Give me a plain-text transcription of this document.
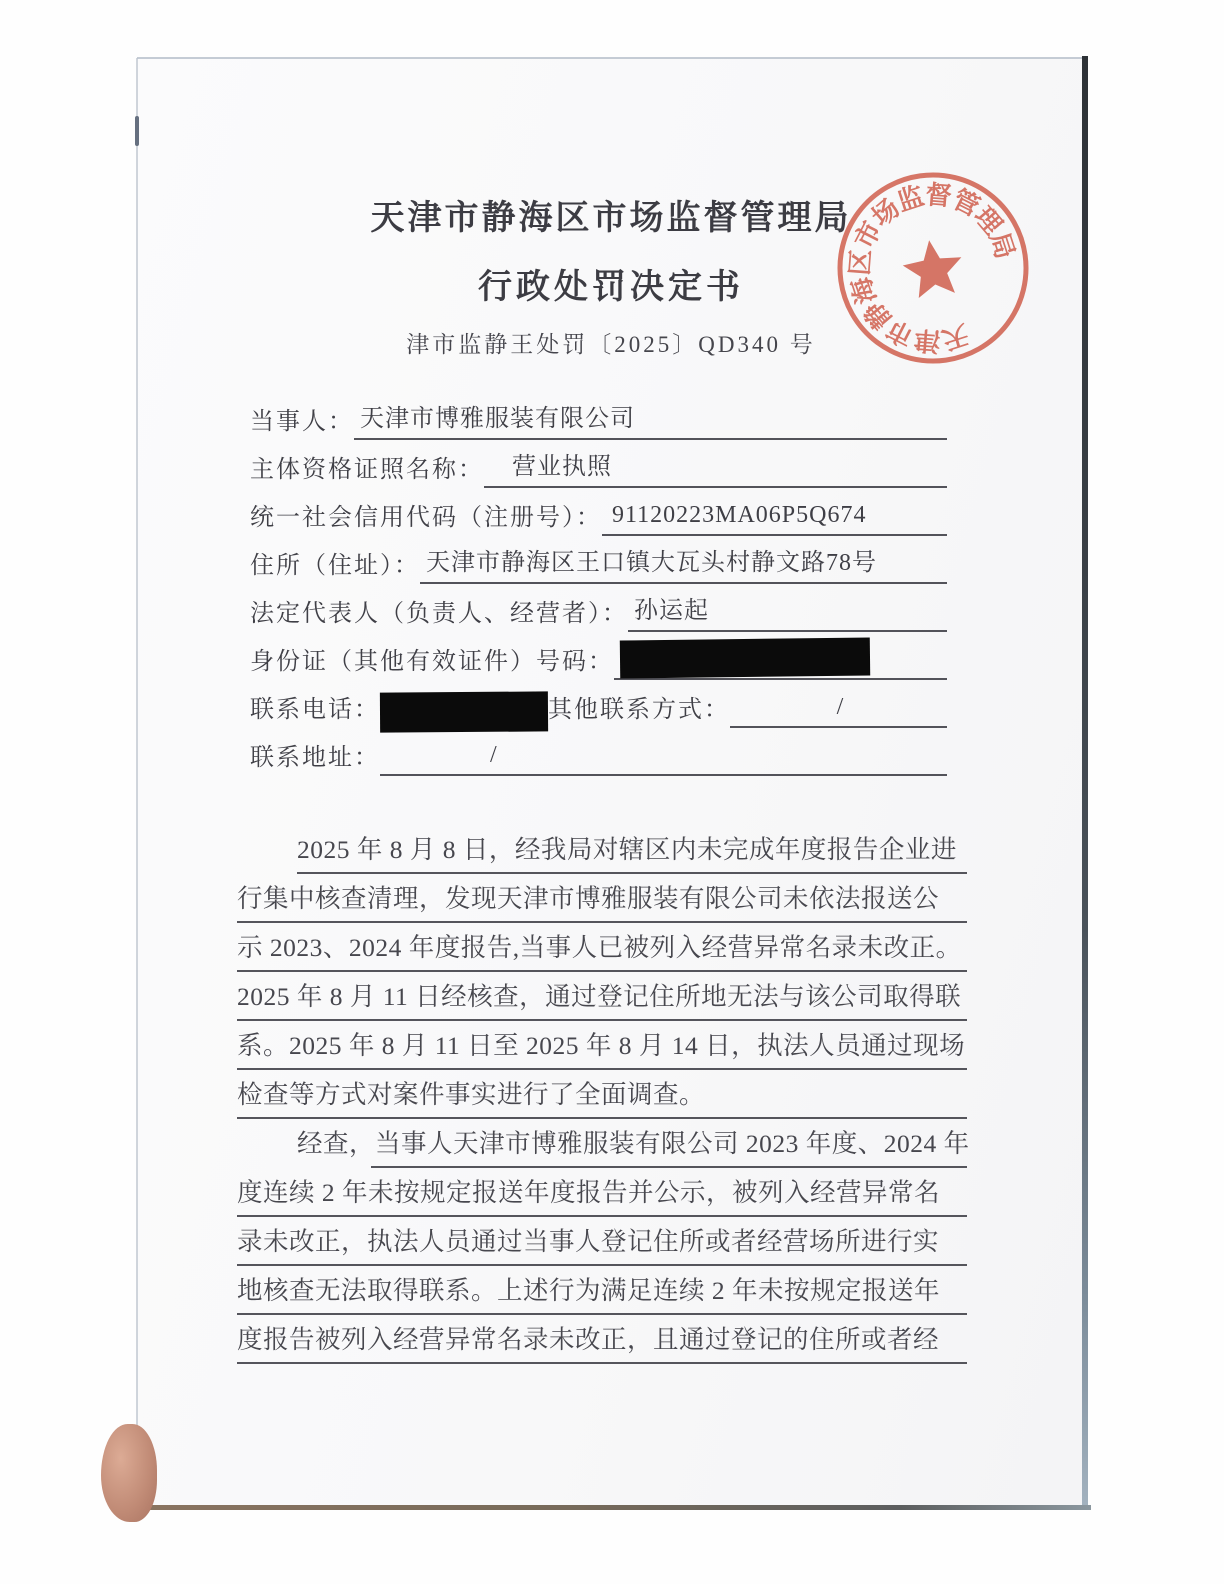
天
津
市
静
海
区
市
场
监
督
管
理
局
天津市静海区市场监督管理局
行政处罚决定书
津市监静王处罚〔2025〕QD340 号
当事人： 天津市博雅服装有限公司
主体资格证照名称：	营业执照
统一社会信用代码（注册号）： 91120223MA06P5Q674
住所（住址）： 天津市静海区王口镇大瓦头村静文路78号
法定代表人（负责人、经营者）： 孙运起
身份证（其他有效证件）号码：
联系电话：	其他联系方式：	/
联系地址：	/
2025 年 8 月 8 日，经我局对辖区内未完成年度报告企业进
行集中核查清理，发现天津市博雅服装有限公司未依法报送公
示 2023、2024 年度报告,当事人已被列入经营异常名录未改正。
2025 年 8 月 11 日经核查，通过登记住所地无法与该公司取得联
系。2025 年 8 月 11 日至 2025 年 8 月 14 日，执法人员通过现场
检查等方式对案件事实进行了全面调查。
经查，当事人天津市博雅服装有限公司 2023 年度、2024 年
度连续 2 年未按规定报送年度报告并公示，被列入经营异常名
录未改正，执法人员通过当事人登记住所或者经营场所进行实
地核查无法取得联系。上述行为满足连续 2 年未按规定报送年
度报告被列入经营异常名录未改正，且通过登记的住所或者经
